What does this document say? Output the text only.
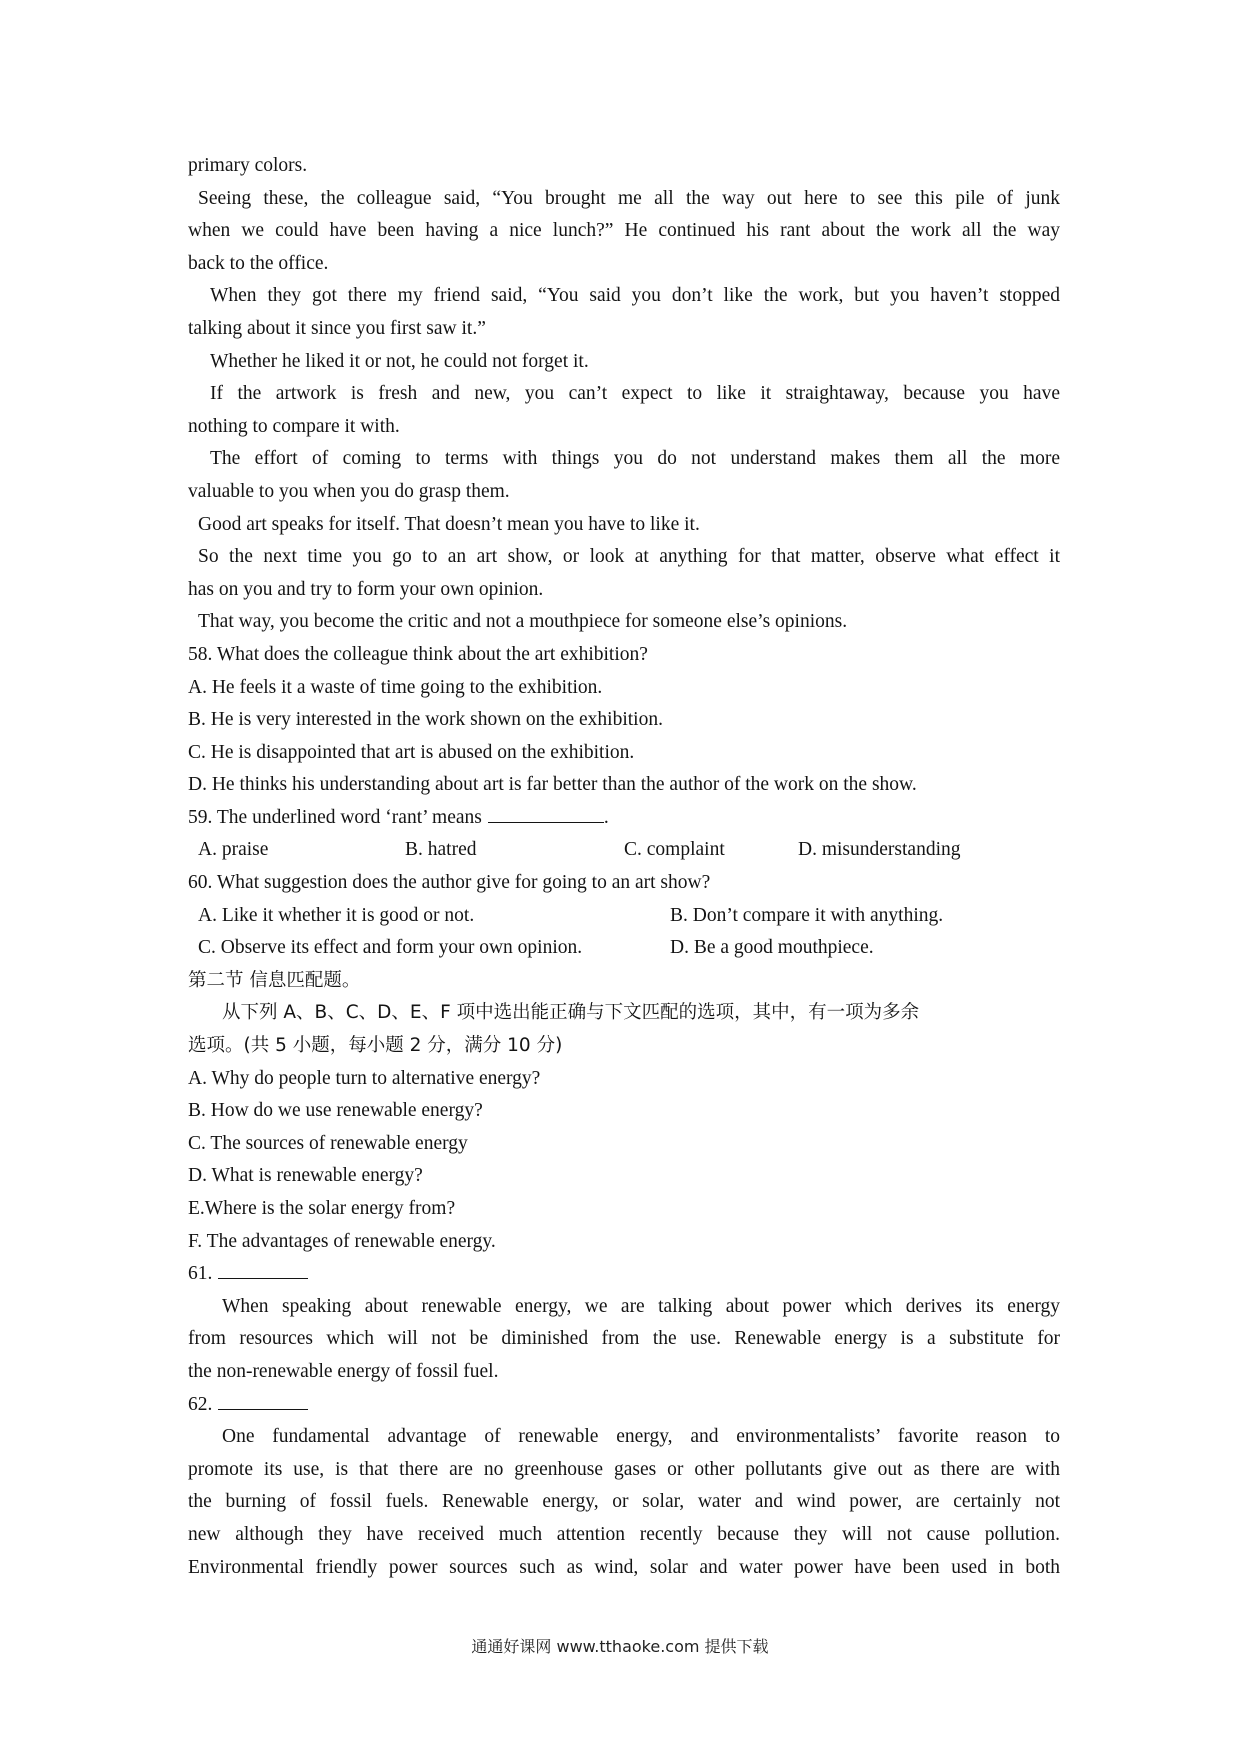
primary colors.

Seeing these, the colleague said, “You brought me all the way out here to see this pile of junk

when we could have been having a nice lunch?” He continued his rant about the work all the way

back to the office.

When they got there my friend said, “You said you don’t like the work, but you haven’t stopped

talking about it since you first saw it.”

Whether he liked it or not, he could not forget it.

If the artwork is fresh and new, you can’t expect to like it straightaway, because you have

nothing to compare it with.

The effort of coming to terms with things you do not understand makes them all the more

valuable to you when you do grasp them.

Good art speaks for itself. That doesn’t mean you have to like it.

So the next time you go to an art show, or look at anything for that matter, observe what effect it

has on you and try to form your own opinion.

That way, you become the critic and not a mouthpiece for someone else’s opinions.

58. What does the colleague think about the art exhibition?

A. He feels it a waste of time going to the exhibition.

B. He is very interested in the work shown on the exhibition.

C. He is disappointed that art is abused on the exhibition.

D. He thinks his understanding about art is far better than the author of the work on the show.

59. The underlined word ‘rant’ means	.

A. praise	B. hatred	C. complaint	D. misunderstanding

60. What suggestion does the author give for going to an art show?

A. Like it whether it is good or not.	B. Don’t compare it with anything.
C. Observe its effect and form your own opinion.	D. Be a good mouthpiece.

第二节 信息匹配题。

从下列 A、B、C、D、E、F 项中选出能正确与下文匹配的选项，其中，有一项为多余

选项。(共 5 小题，每小题 2 分，满分 10 分)

A. Why do people turn to alternative energy?

B. How do we use renewable energy?

C. The sources of renewable energy

D. What is renewable energy?

E.Where is the solar energy from?

F. The advantages of renewable energy.

61.

When speaking about renewable energy, we are talking about power which derives its energy

from resources which will not be diminished from the use. Renewable energy is a substitute for

the non-renewable energy of fossil fuel.

62.

One fundamental advantage of renewable energy, and environmentalists’ favorite reason to

promote its use, is that there are no greenhouse gases or other pollutants give out as there are with

the burning of fossil fuels. Renewable energy, or solar, water and wind power, are certainly not

new although they have received much attention recently because they will not cause pollution.

Environmental friendly power sources such as wind, solar and water power have been used in both

通通好课网 www.tthaoke.com 提供下载
